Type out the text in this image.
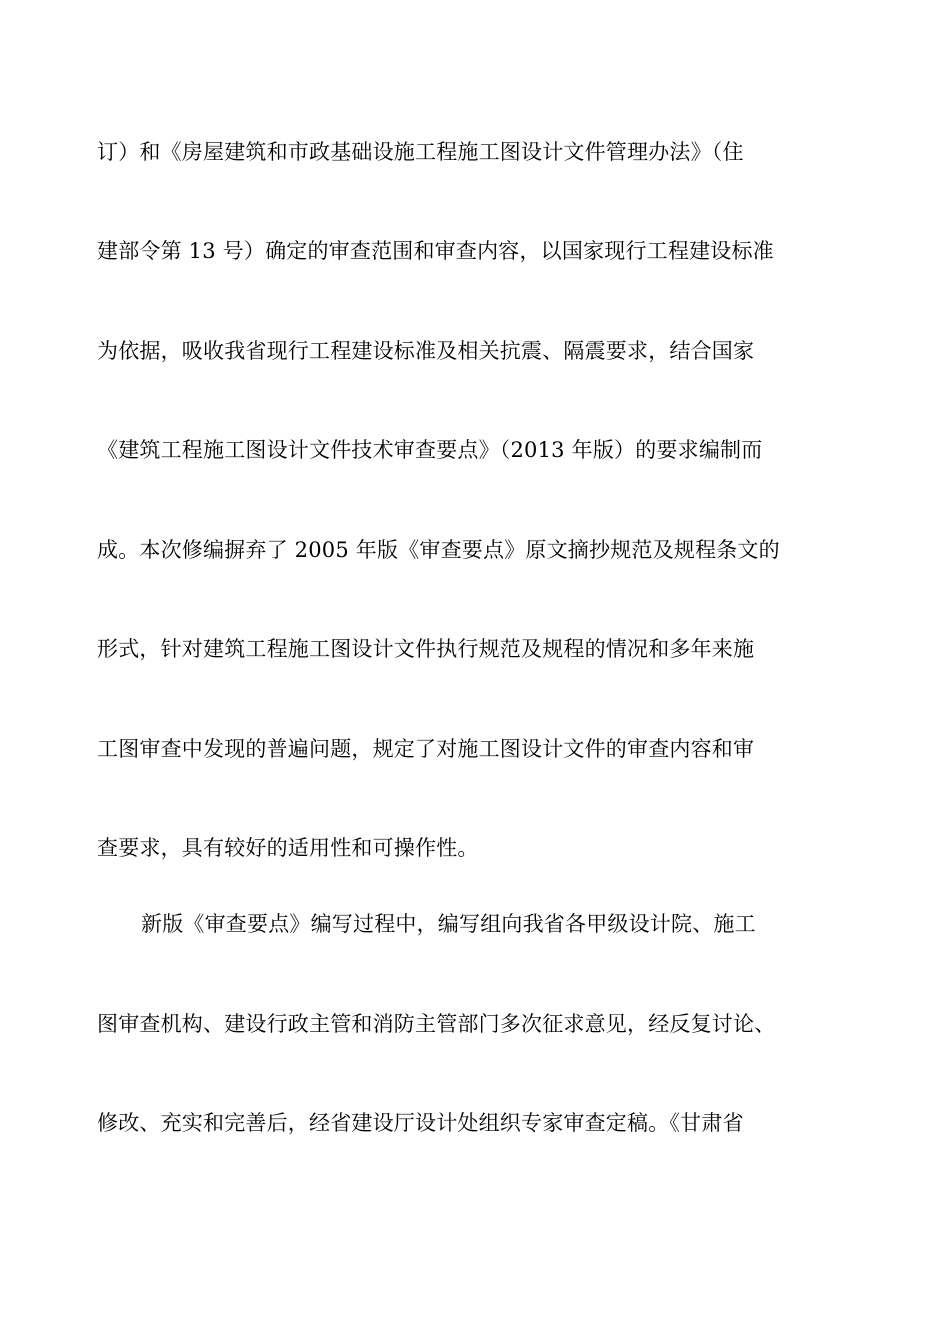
订）和《房屋建筑和市政基础设施工程施工图设计文件管理办法》（住
建部令第 13 号）确定的审查范围和审查内容，以国家现行工程建设标准
为依据，吸收我省现行工程建设标准及相关抗震、隔震要求，结合国家
《建筑工程施工图设计文件技术审查要点》（2013 年版）的要求编制而
成。本次修编摒弃了 2005 年版《审查要点》原文摘抄规范及规程条文的
形式，针对建筑工程施工图设计文件执行规范及规程的情况和多年来施
工图审查中发现的普遍问题，规定了对施工图设计文件的审查内容和审
查要求，具有较好的适用性和可操作性。
新版《审查要点》编写过程中，编写组向我省各甲级设计院、施工
图审查机构、建设行政主管和消防主管部门多次征求意见，经反复讨论、
修改、充实和完善后，经省建设厅设计处组织专家审查定稿。《甘肃省
